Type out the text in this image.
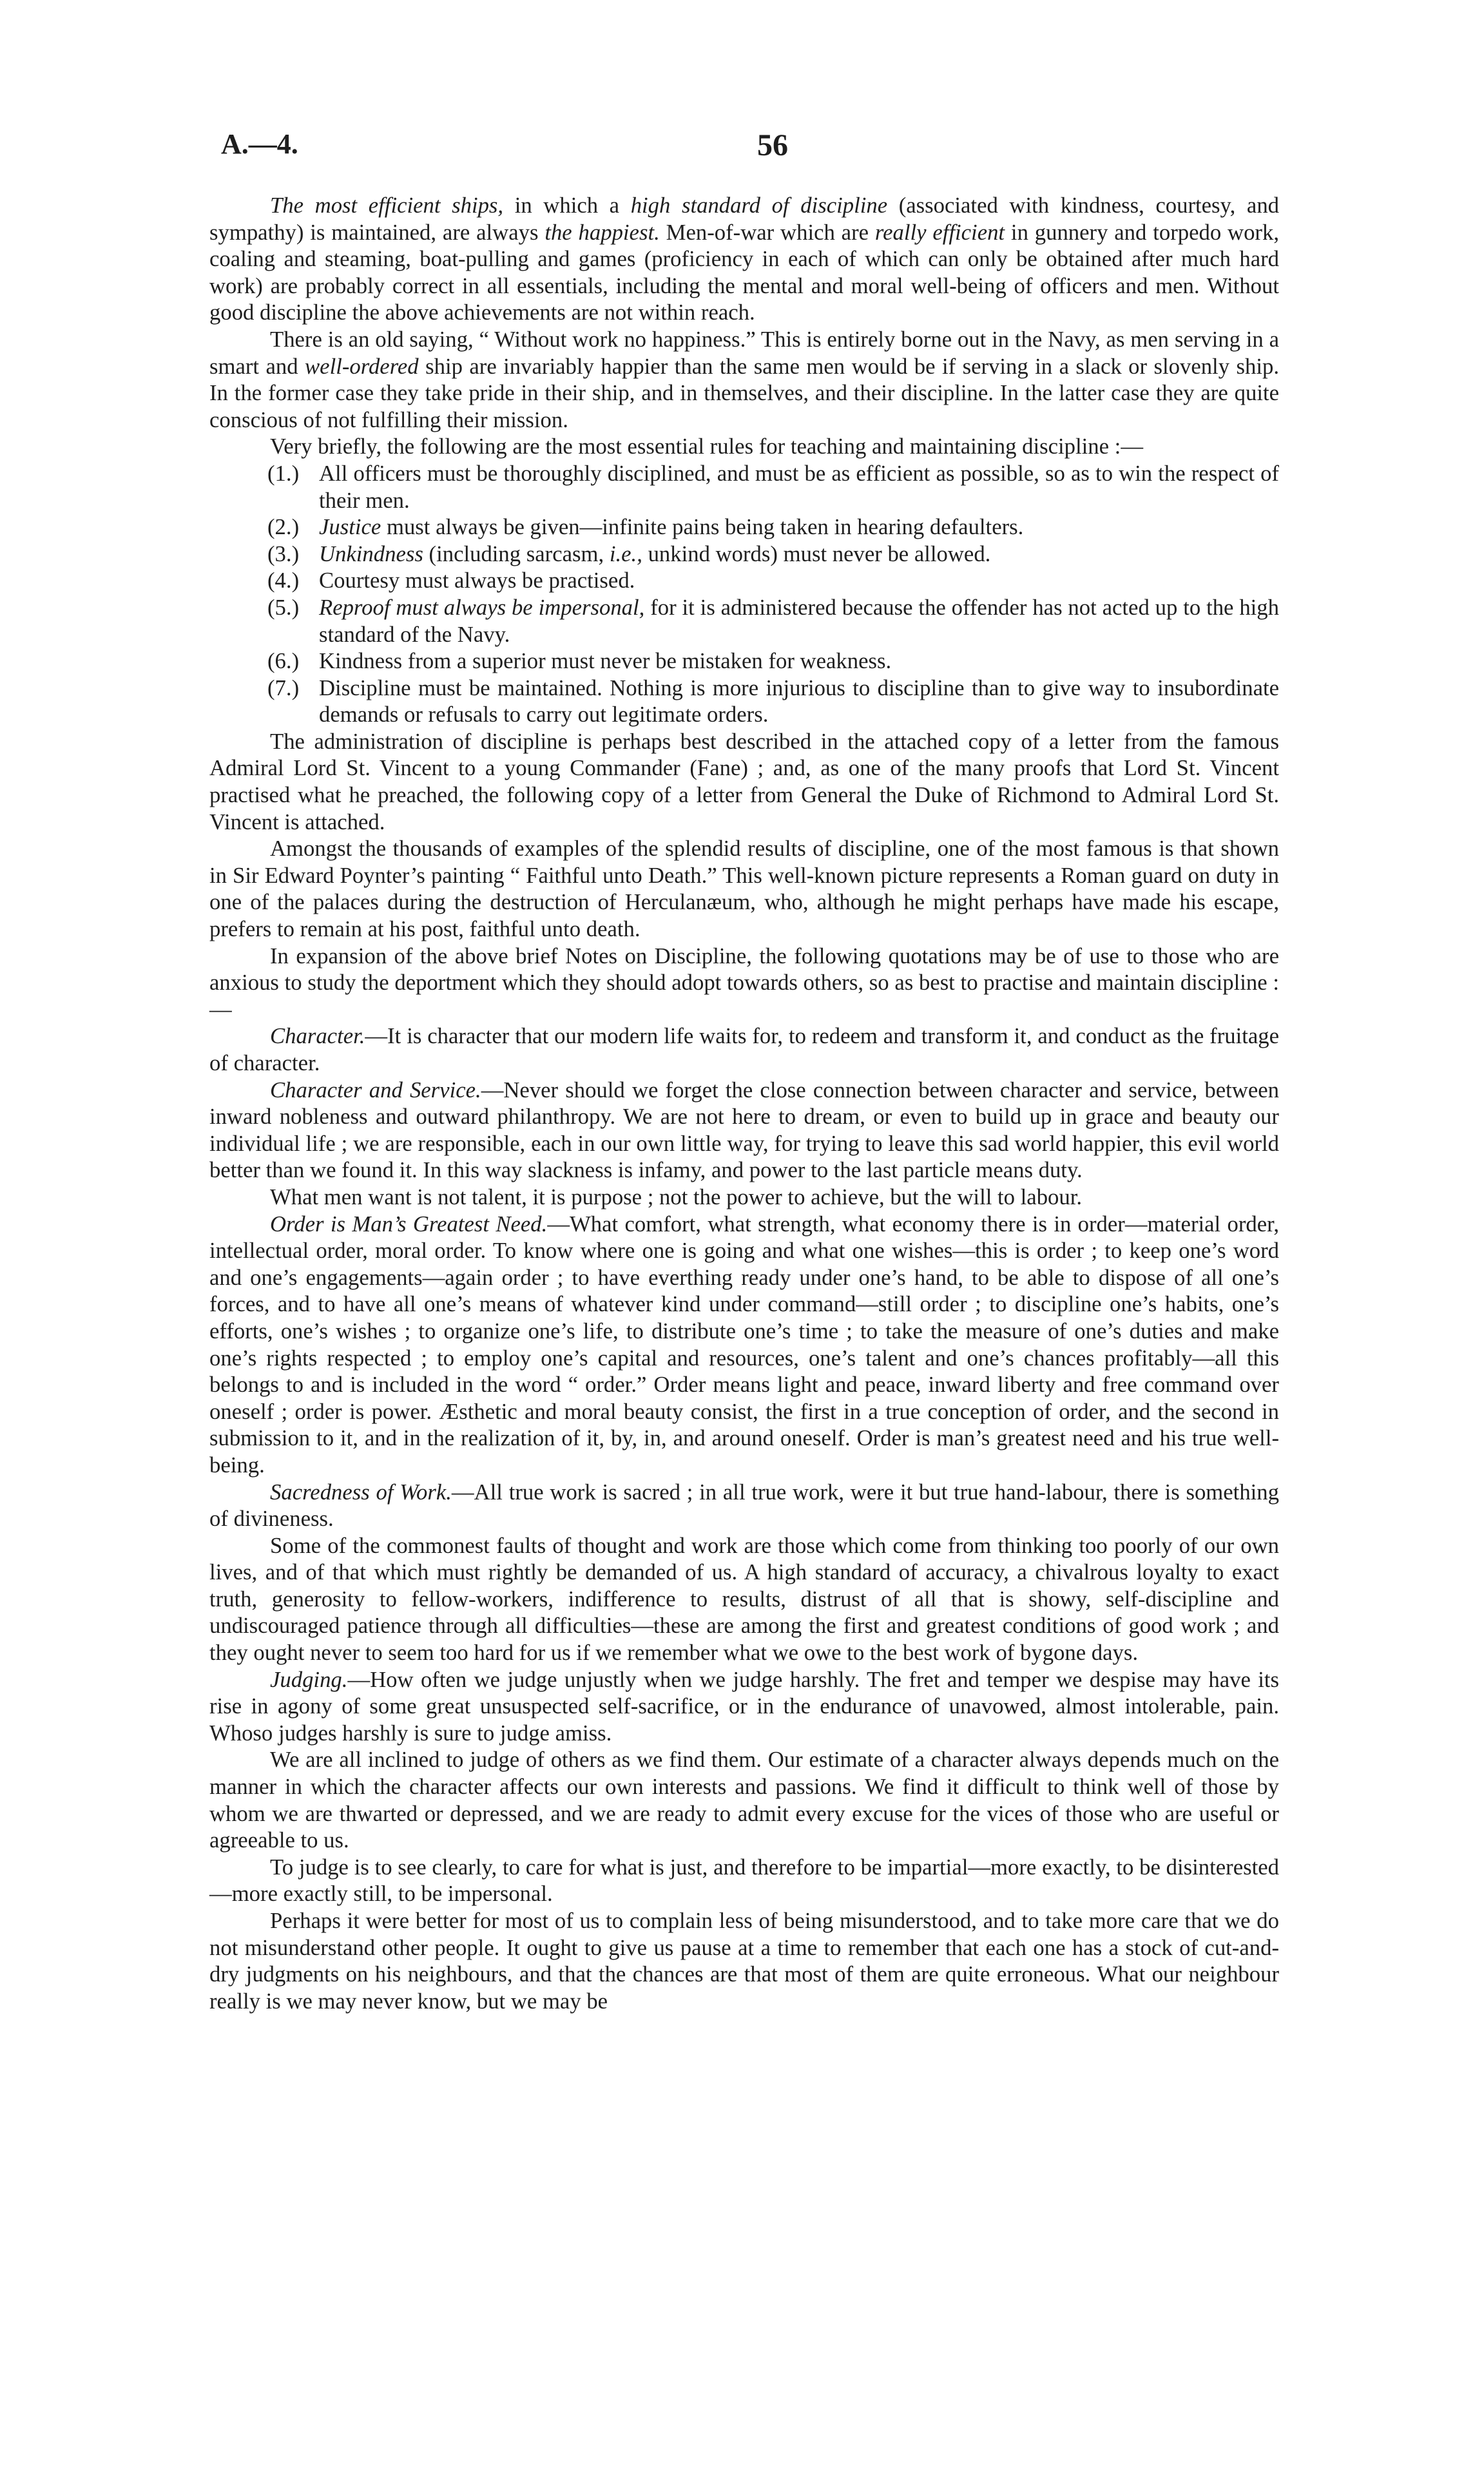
A.—4.	56

The most efficient ships, in which a high standard of discipline (associated with kindness, courtesy, and sympathy) is maintained, are always the happiest. Men-of-war which are really efficient in gunnery and torpedo work, coaling and steaming, boat-pulling and games (proficiency in each of which can only be obtained after much hard work) are probably correct in all essentials, including the mental and moral well-being of officers and men. Without good discipline the above achievements are not within reach.

There is an old saying, “ Without work no happiness.” This is entirely borne out in the Navy, as men serving in a smart and well-ordered ship are invariably happier than the same men would be if serving in a slack or slovenly ship. In the former case they take pride in their ship, and in themselves, and their discipline. In the latter case they are quite conscious of not fulfilling their mission.

Very briefly, the following are the most essential rules for teaching and maintaining discipline :—

(1.) All officers must be thoroughly disciplined, and must be as efficient as possible, so as to win the respect of their men.
(2.) Justice must always be given—infinite pains being taken in hearing defaulters.
(3.) Unkindness (including sarcasm, i.e., unkind words) must never be allowed.
(4.) Courtesy must always be practised.
(5.) Reproof must always be impersonal, for it is administered because the offender has not acted up to the high standard of the Navy.
(6.) Kindness from a superior must never be mistaken for weakness.
(7.) Discipline must be maintained. Nothing is more injurious to discipline than to give way to insubordinate demands or refusals to carry out legitimate orders.

The administration of discipline is perhaps best described in the attached copy of a letter from the famous Admiral Lord St. Vincent to a young Commander (Fane) ; and, as one of the many proofs that Lord St. Vincent practised what he preached, the following copy of a letter from General the Duke of Richmond to Admiral Lord St. Vincent is attached.

Amongst the thousands of examples of the splendid results of discipline, one of the most famous is that shown in Sir Edward Poynter’s painting “ Faithful unto Death.” This well-known picture represents a Roman guard on duty in one of the palaces during the destruction of Herculanæum, who, although he might perhaps have made his escape, prefers to remain at his post, faithful unto death.

In expansion of the above brief Notes on Discipline, the following quotations may be of use to those who are anxious to study the deportment which they should adopt towards others, so as best to practise and maintain discipline :—

Character.—It is character that our modern life waits for, to redeem and transform it, and conduct as the fruitage of character.

Character and Service.—Never should we forget the close connection between character and service, between inward nobleness and outward philanthropy. We are not here to dream, or even to build up in grace and beauty our individual life ; we are responsible, each in our own little way, for trying to leave this sad world happier, this evil world better than we found it. In this way slackness is infamy, and power to the last particle means duty.

What men want is not talent, it is purpose ; not the power to achieve, but the will to labour.

Order is Man’s Greatest Need.—What comfort, what strength, what economy there is in order—material order, intellectual order, moral order. To know where one is going and what one wishes—this is order ; to keep one’s word and one’s engagements—again order ; to have everthing ready under one’s hand, to be able to dispose of all one’s forces, and to have all one’s means of whatever kind under command—still order ; to discipline one’s habits, one’s efforts, one’s wishes ; to organize one’s life, to distribute one’s time ; to take the measure of one’s duties and make one’s rights respected ; to employ one’s capital and resources, one’s talent and one’s chances profitably—all this belongs to and is included in the word “ order.” Order means light and peace, inward liberty and free command over oneself ; order is power. Æsthetic and moral beauty consist, the first in a true conception of order, and the second in submission to it, and in the realization of it, by, in, and around oneself. Order is man’s greatest need and his true well-being.

Sacredness of Work.—All true work is sacred ; in all true work, were it but true hand-labour, there is something of divineness.

Some of the commonest faults of thought and work are those which come from thinking too poorly of our own lives, and of that which must rightly be demanded of us. A high standard of accuracy, a chivalrous loyalty to exact truth, generosity to fellow-workers, indifference to results, distrust of all that is showy, self-discipline and undiscouraged patience through all difficulties—these are among the first and greatest conditions of good work ; and they ought never to seem too hard for us if we remember what we owe to the best work of bygone days.

Judging.—How often we judge unjustly when we judge harshly. The fret and temper we despise may have its rise in agony of some great unsuspected self-sacrifice, or in the endurance of unavowed, almost intolerable, pain. Whoso judges harshly is sure to judge amiss.

We are all inclined to judge of others as we find them. Our estimate of a character always depends much on the manner in which the character affects our own interests and passions. We find it difficult to think well of those by whom we are thwarted or depressed, and we are ready to admit every excuse for the vices of those who are useful or agreeable to us.

To judge is to see clearly, to care for what is just, and therefore to be impartial—more exactly, to be disinterested—more exactly still, to be impersonal.

Perhaps it were better for most of us to complain less of being misunderstood, and to take more care that we do not misunderstand other people. It ought to give us pause at a time to remember that each one has a stock of cut-and-dry judgments on his neighbours, and that the chances are that most of them are quite erroneous. What our neighbour really is we may never know, but we may be
